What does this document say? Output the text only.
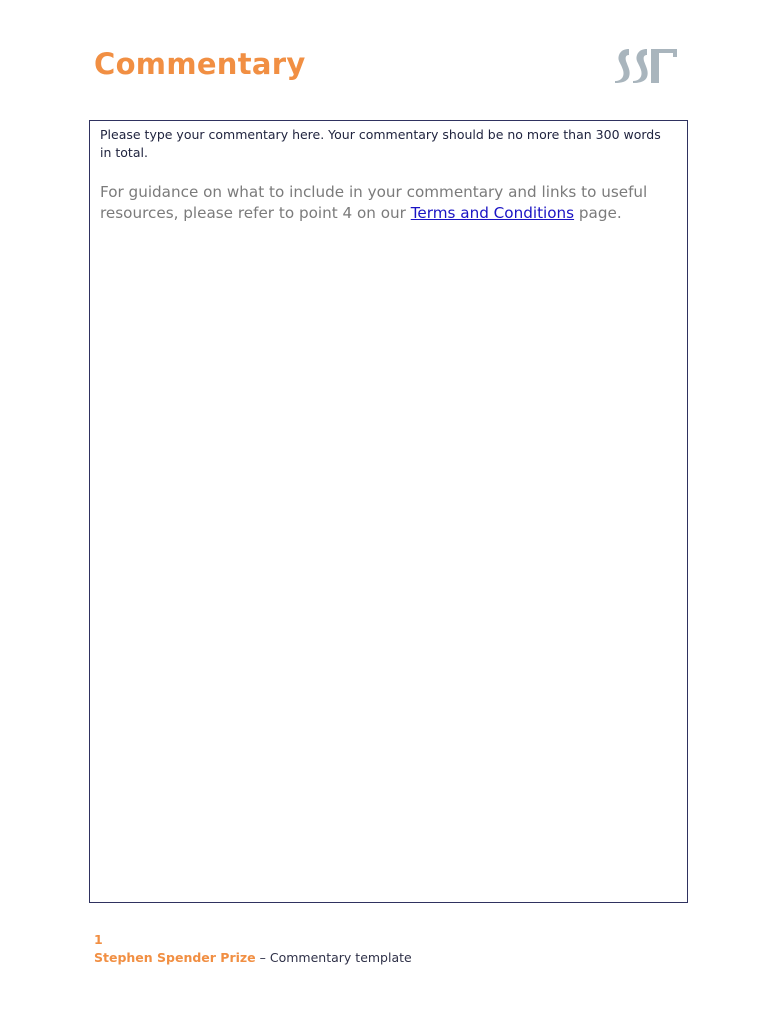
Commentary

Please type your commentary here. Your commentary should be no more than 300 words in total.

For guidance on what to include in your commentary and links to useful resources, please refer to point 4 on our Terms and Conditions page.

1
Stephen Spender Prize – Commentary template
